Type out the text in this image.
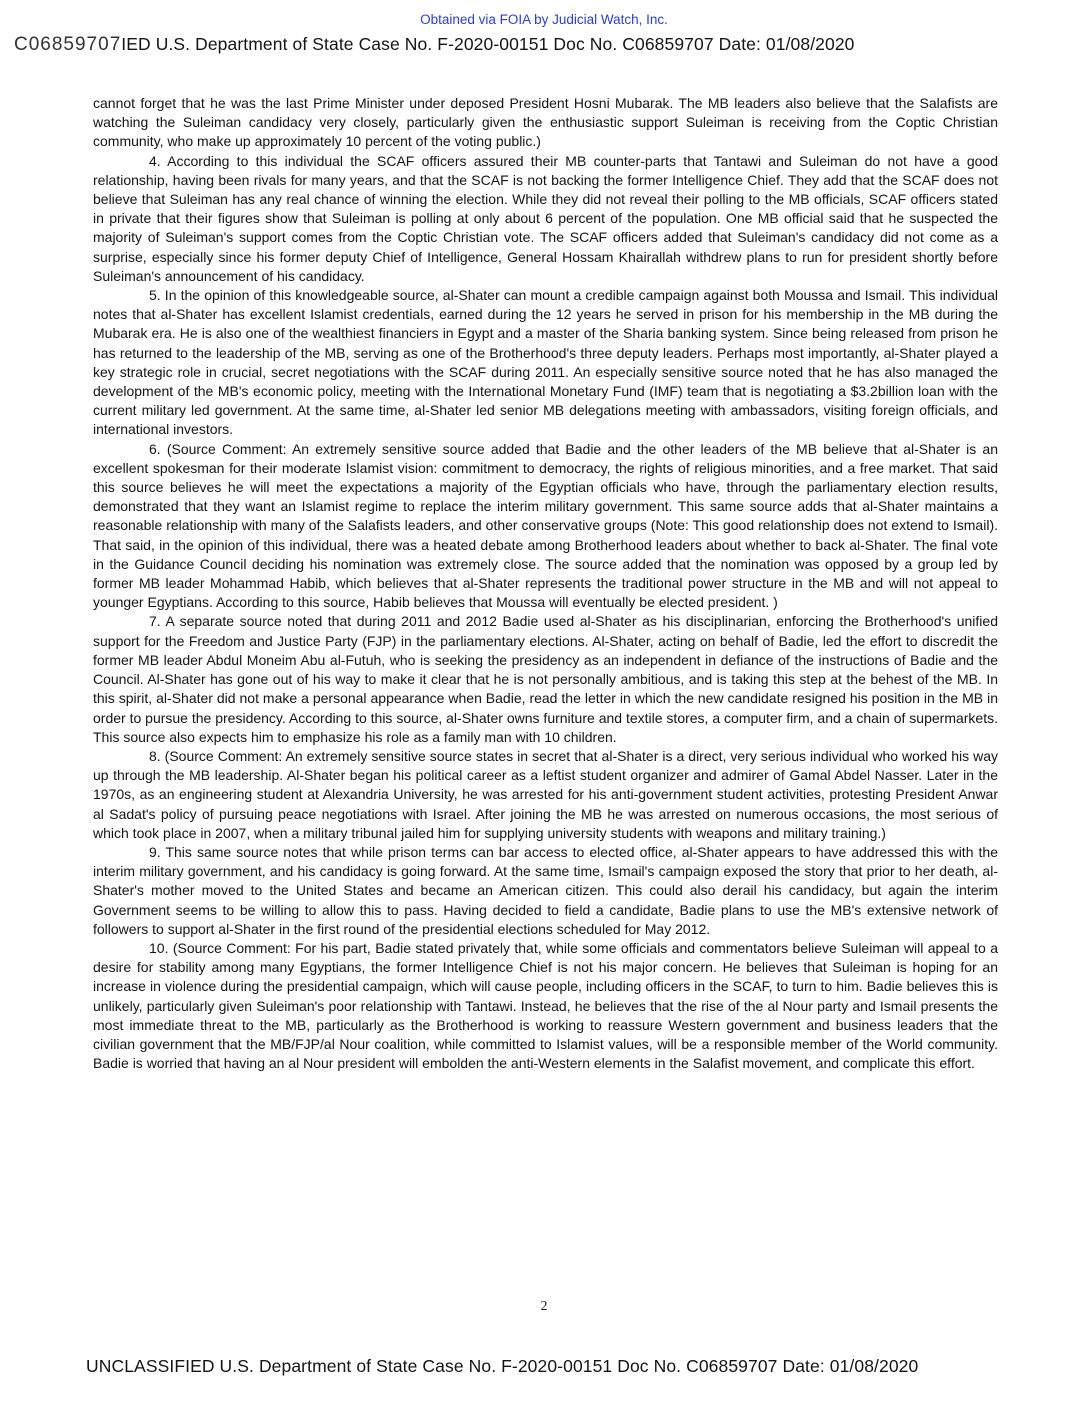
Obtained via FOIA by Judicial Watch, Inc.
C06859707IED U.S. Department of State Case No. F-2020-00151 Doc No. C06859707 Date: 01/08/2020

cannot forget that he was the last Prime Minister under deposed President Hosni Mubarak. The MB leaders also believe that the Salafists are watching the Suleiman candidacy very closely, particularly given the enthusiastic support Suleiman is receiving from the Coptic Christian community, who make up approximately 10 percent of the voting public.)

4. According to this individual the SCAF officers assured their MB counter-parts that Tantawi and Suleiman do not have a good relationship, having been rivals for many years, and that the SCAF is not backing the former Intelligence Chief. They add that the SCAF does not believe that Suleiman has any real chance of winning the election. While they did not reveal their polling to the MB officials, SCAF officers stated in private that their figures show that Suleiman is polling at only about 6 percent of the population. One MB official said that he suspected the majority of Suleiman's support comes from the Coptic Christian vote. The SCAF officers added that Suleiman's candidacy did not come as a surprise, especially since his former deputy Chief of Intelligence, General Hossam Khairallah withdrew plans to run for president shortly before Suleiman's announcement of his candidacy.

5. In the opinion of this knowledgeable source, al-Shater can mount a credible campaign against both Moussa and Ismail. This individual notes that al-Shater has excellent Islamist credentials, earned during the 12 years he served in prison for his membership in the MB during the Mubarak era. He is also one of the wealthiest financiers in Egypt and a master of the Sharia banking system. Since being released from prison he has returned to the leadership of the MB, serving as one of the Brotherhood's three deputy leaders. Perhaps most importantly, al-Shater played a key strategic role in crucial, secret negotiations with the SCAF during 2011. An especially sensitive source noted that he has also managed the development of the MB's economic policy, meeting with the International Monetary Fund (IMF) team that is negotiating a $3.2billion loan with the current military led government. At the same time, al-Shater led senior MB delegations meeting with ambassadors, visiting foreign officials, and international investors.

6. (Source Comment: An extremely sensitive source added that Badie and the other leaders of the MB believe that al-Shater is an excellent spokesman for their moderate Islamist vision: commitment to democracy, the rights of religious minorities, and a free market. That said this source believes he will meet the expectations a majority of the Egyptian officials who have, through the parliamentary election results, demonstrated that they want an Islamist regime to replace the interim military government. This same source adds that al-Shater maintains a reasonable relationship with many of the Salafists leaders, and other conservative groups (Note: This good relationship does not extend to Ismail). That said, in the opinion of this individual, there was a heated debate among Brotherhood leaders about whether to back al-Shater. The final vote in the Guidance Council deciding his nomination was extremely close. The source added that the nomination was opposed by a group led by former MB leader Mohammad Habib, which believes that al-Shater represents the traditional power structure in the MB and will not appeal to younger Egyptians. According to this source, Habib believes that Moussa will eventually be elected president. )

7. A separate source noted that during 2011 and 2012 Badie used al-Shater as his disciplinarian, enforcing the Brotherhood's unified support for the Freedom and Justice Party (FJP) in the parliamentary elections. Al-Shater, acting on behalf of Badie, led the effort to discredit the former MB leader Abdul Moneim Abu al-Futuh, who is seeking the presidency as an independent in defiance of the instructions of Badie and the Council. Al-Shater has gone out of his way to make it clear that he is not personally ambitious, and is taking this step at the behest of the MB. In this spirit, al-Shater did not make a personal appearance when Badie, read the letter in which the new candidate resigned his position in the MB in order to pursue the presidency. According to this source, al-Shater owns furniture and textile stores, a computer firm, and a chain of supermarkets. This source also expects him to emphasize his role as a family man with 10 children.

8. (Source Comment: An extremely sensitive source states in secret that al-Shater is a direct, very serious individual who worked his way up through the MB leadership. Al-Shater began his political career as a leftist student organizer and admirer of Gamal Abdel Nasser. Later in the 1970s, as an engineering student at Alexandria University, he was arrested for his anti-government student activities, protesting President Anwar al Sadat's policy of pursuing peace negotiations with Israel. After joining the MB he was arrested on numerous occasions, the most serious of which took place in 2007, when a military tribunal jailed him for supplying university students with weapons and military training.)

9. This same source notes that while prison terms can bar access to elected office, al-Shater appears to have addressed this with the interim military government, and his candidacy is going forward. At the same time, Ismail's campaign exposed the story that prior to her death, al-Shater's mother moved to the United States and became an American citizen. This could also derail his candidacy, but again the interim Government seems to be willing to allow this to pass. Having decided to field a candidate, Badie plans to use the MB's extensive network of followers to support al-Shater in the first round of the presidential elections scheduled for May 2012.

10. (Source Comment: For his part, Badie stated privately that, while some officials and commentators believe Suleiman will appeal to a desire for stability among many Egyptians, the former Intelligence Chief is not his major concern. He believes that Suleiman is hoping for an increase in violence during the presidential campaign, which will cause people, including officers in the SCAF, to turn to him. Badie believes this is unlikely, particularly given Suleiman's poor relationship with Tantawi. Instead, he believes that the rise of the al Nour party and Ismail presents the most immediate threat to the MB, particularly as the Brotherhood is working to reassure Western government and business leaders that the civilian government that the MB/FJP/al Nour coalition, while committed to Islamist values, will be a responsible member of the World community. Badie is worried that having an al Nour president will embolden the anti-Western elements in the Salafist movement, and complicate this effort.

2
UNCLASSIFIED U.S. Department of State Case No. F-2020-00151 Doc No. C06859707 Date: 01/08/2020
